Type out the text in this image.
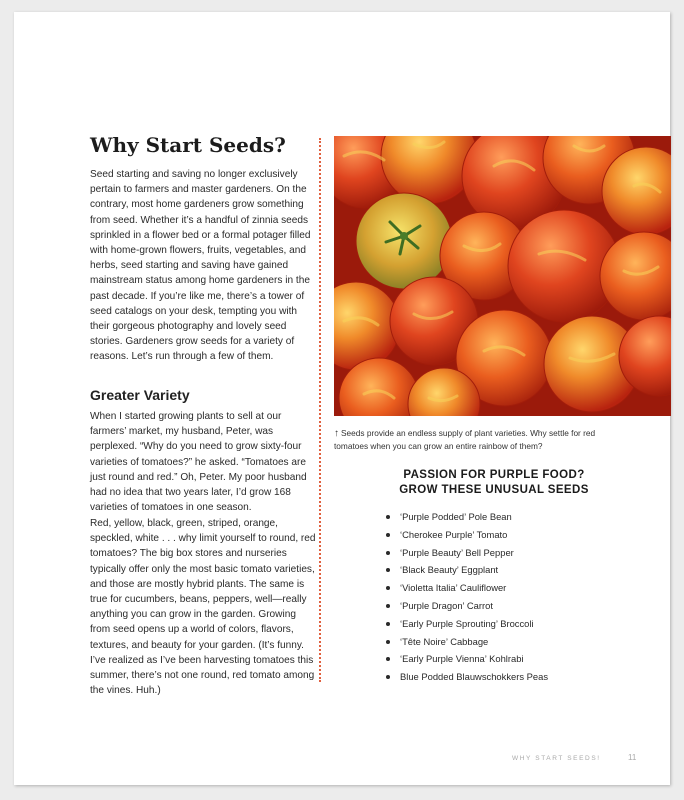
Why Start Seeds?

Seed starting and saving no longer exclusively pertain to farmers and master gardeners. On the contrary, most home gardeners grow something from seed. Whether it’s a handful of zinnia seeds sprinkled in a flower bed or a formal potager filled with home-grown flowers, fruits, vegetables, and herbs, seed starting and saving have gained mainstream status among home gardeners in the past decade. If you’re like me, there’s a tower of seed catalogs on your desk, tempting you with their gorgeous photography and lovely seed stories. Gardeners grow seeds for a variety of reasons. Let’s run through a few of them.

Greater Variety

When I started growing plants to sell at our farmers’ market, my husband, Peter, was perplexed. “Why do you need to grow sixty-four varieties of tomatoes?” he asked. “Tomatoes are just round and red.” Oh, Peter. My poor husband had no idea that two years later, I’d grow 168 varieties of tomatoes in one season.

Red, yellow, black, green, striped, orange, speckled, white . . . why limit yourself to round, red tomatoes? The big box stores and nurseries typically offer only the most basic tomato varieties, and those are mostly hybrid plants. The same is true for cucumbers, beans, peppers, well—really anything you can grow in the garden. Growing from seed opens up a world of colors, flavors, textures, and beauty for your garden. (It’s funny. I’ve realized as I’ve been harvesting tomatoes this summer, there’s not one round, red tomato among the vines. Huh.)

↑ Seeds provide an endless supply of plant varieties. Why settle for red tomatoes when you can grow an entire rainbow of them?

PASSION FOR PURPLE FOOD?
GROW THESE UNUSUAL SEEDS

‘Purple Podded’ Pole Bean
‘Cherokee Purple’ Tomato
‘Purple Beauty’ Bell Pepper
‘Black Beauty’ Eggplant
‘Violetta Italia’ Cauliflower
‘Purple Dragon’ Carrot
‘Early Purple Sprouting’ Broccoli
‘Tête Noire’ Cabbage
‘Early Purple Vienna’ Kohlrabi
Blue Podded Blauwschokkers Peas

WHY START SEEDS!	11
